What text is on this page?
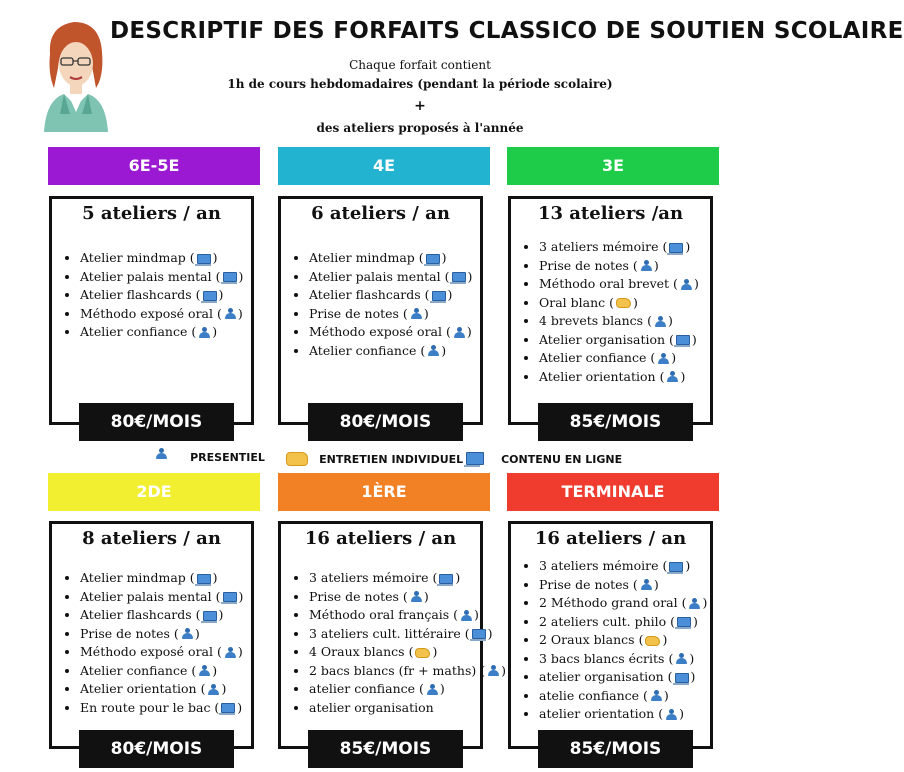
DESCRIPTIF DES FORFAITS CLASSICO DE SOUTIEN SCOLAIRE
Chaque forfait contient
1h de cours hebdomadaires (pendant la période scolaire)
+
des ateliers proposés à l'année
6E-5E	4E	3E
5 ateliers / an
• Atelier mindmap ( )
• Atelier palais mental ( )
• Atelier flashcards ( )
• Méthodo exposé oral ( )
• Atelier confiance ( )
6 ateliers / an
• Atelier mindmap ( )
• Atelier palais mental ( )
• Atelier flashcards ( )
• Prise de notes ( )
• Méthodo exposé oral ( )
• Atelier confiance ( )
13 ateliers /an
• 3 ateliers mémoire ( )
• Prise de notes ( )
• Méthodo oral brevet ( )
• Oral blanc ( )
• 4 brevets blancs ( )
• Atelier organisation ( )
• Atelier confiance ( )
• Atelier orientation ( )
80€/MOIS	80€/MOIS	85€/MOIS
PRESENTIEL	ENTRETIEN INDIVIDUEL	CONTENU EN LIGNE
2DE	1ÈRE	TERMINALE
8 ateliers / an
• Atelier mindmap ( )
• Atelier palais mental ( )
• Atelier flashcards ( )
• Prise de notes ( )
• Méthodo exposé oral ( )
• Atelier confiance ( )
• Atelier orientation ( )
• En route pour le bac ( )
16 ateliers / an
• 3 ateliers mémoire ( )
• Prise de notes ( )
• Méthodo oral français ( )
• 3 ateliers cult. littéraire ( )
• 4 Oraux blancs ( )
• 2 bacs blancs (fr + maths) ( )
• atelier confiance ( )
• atelier organisation
16 ateliers / an
• 3 ateliers mémoire ( )
• Prise de notes ( )
• 2 Méthodo grand oral ( )
• 2 ateliers cult. philo ( )
• 2 Oraux blancs ( )
• 3 bacs blancs écrits ( )
• atelier organisation ( )
• atelie confiance ( )
• atelier orientation ( )
80€/MOIS	85€/MOIS	85€/MOIS
